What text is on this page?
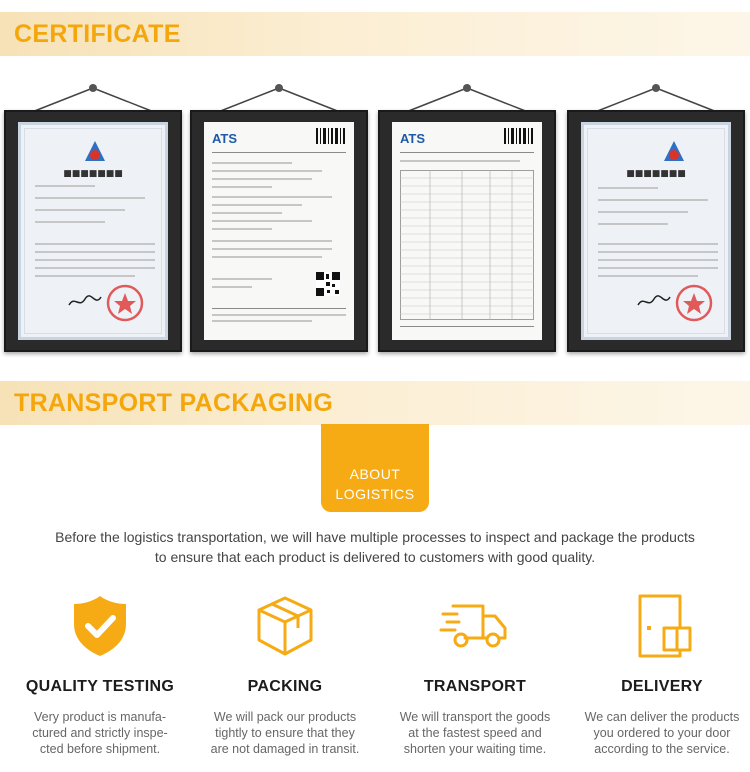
CERTIFICATE
■■■■■■■
ATS	ATS
■■■■■■■
TRANSPORT PACKAGING
ABOUT
LOGISTICS
Before the logistics transportation, we will have multiple processes to inspect and package the products
to ensure that each product is delivered to customers with good quality.
QUALITY TESTING
Very product is manufa-
ctured and strictly inspe-
cted before shipment.
PACKING
We will pack our products
tightly to ensure that they
are not damaged in transit.
TRANSPORT
We will transport the goods
at the fastest speed and
shorten your waiting time.
DELIVERY
We can deliver the products
you ordered to your door
according to the service.
